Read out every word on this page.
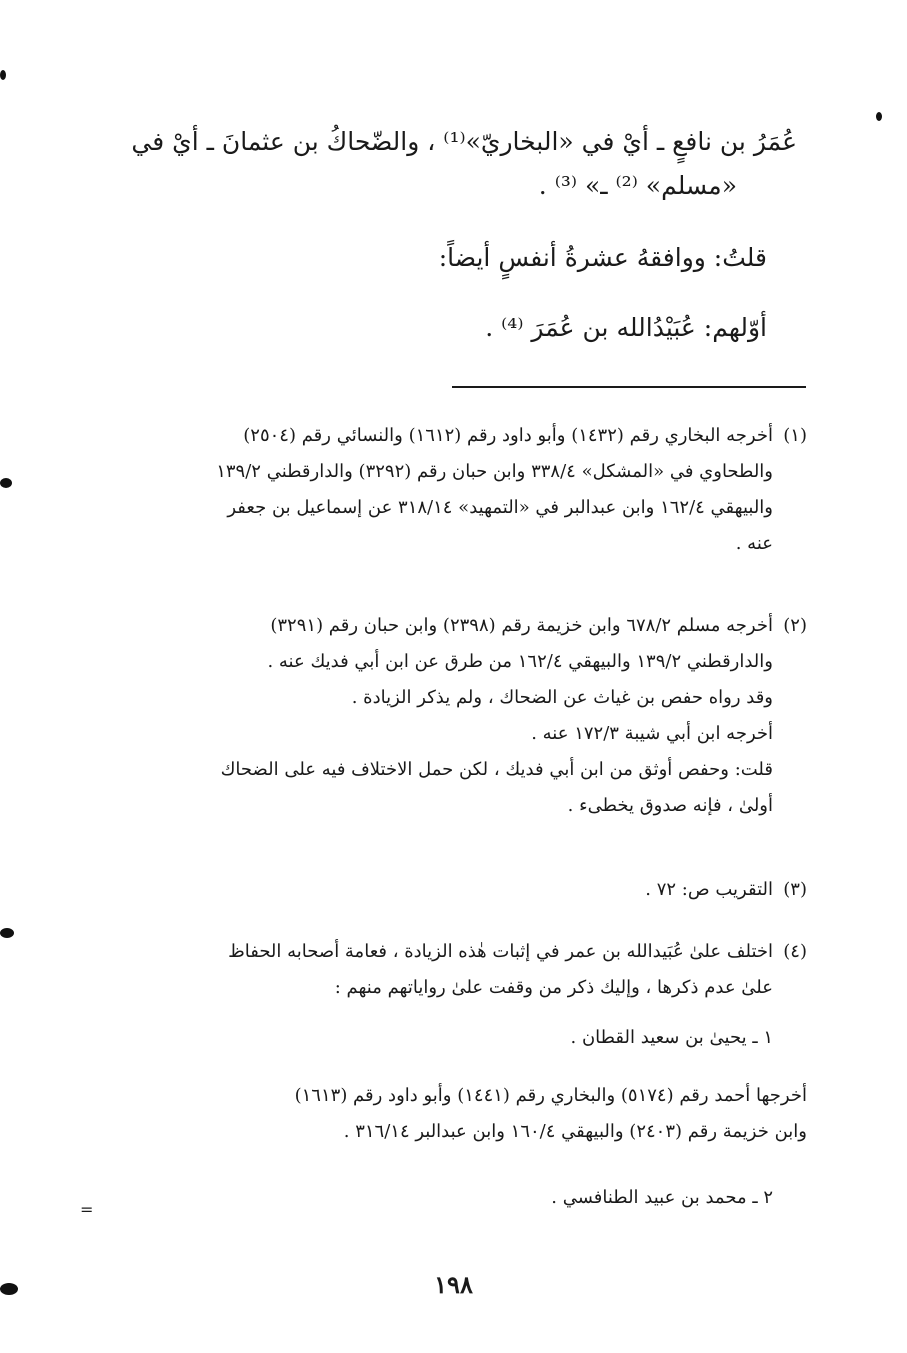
=
عُمَرُ بن نافعٍ ـ أيْ في «البخاريّ»⁽¹⁾ ، والضّحاكُ بن عثمانَ ـ أيْ في
«مسلم» ⁽²⁾ ـ» ⁽³⁾ .
قلتُ: ووافقهُ عشرةُ أنفسٍ أيضاً:
أوّلهم: عُبَيْدُالله بن عُمَرَ ⁽⁴⁾ .
(١)
أخرجه البخاري رقم (١٤٣٢) وأبو داود رقم (١٦١٢) والنسائي رقم (٢٥٠٤)
والطحاوي في «المشكل» ٣٣٨/٤ وابن حبان رقم (٣٢٩٢) والدارقطني ١٣٩/٢
والبيهقي ١٦٢/٤ وابن عبدالبر في «التمهيد» ٣١٨/١٤ عن إسماعيل بن جعفر
عنه .
(٢)
أخرجه مسلم ٦٧٨/٢ وابن خزيمة رقم (٢٣٩٨) وابن حبان رقم (٣٢٩١)
والدارقطني ١٣٩/٢ والبيهقي ١٦٢/٤ من طرق عن ابن أبي فديك عنه .
وقد رواه حفص بن غياث عن الضحاك ، ولم يذكر الزيادة .
أخرجه ابن أبي شيبة ١٧٢/٣ عنه .
قلت: وحفص أوثق من ابن أبي فديك ، لكن حمل الاختلاف فيه على الضحاك
أولىٰ ، فإنه صدوق يخطىء .
(٣)
التقريب ص: ٧٢ .
(٤)
اختلف علىٰ عُبَيدالله بن عمر في إثبات هٰذه الزيادة ، فعامة أصحابه الحفاظ
علىٰ عدم ذكرها ، وإليك ذكر من وقفت علىٰ رواياتهم منهم :
١ ـ يحيىٰ بن سعيد القطان .
أخرجها أحمد رقم (٥١٧٤) والبخاري رقم (١٤٤١) وأبو داود رقم (١٦١٣)
وابن خزيمة رقم (٢٤٠٣) والبيهقي ١٦٠/٤ وابن عبدالبر ٣١٦/١٤ .
٢ ـ محمد بن عبيد الطنافسي .
١٩٨
